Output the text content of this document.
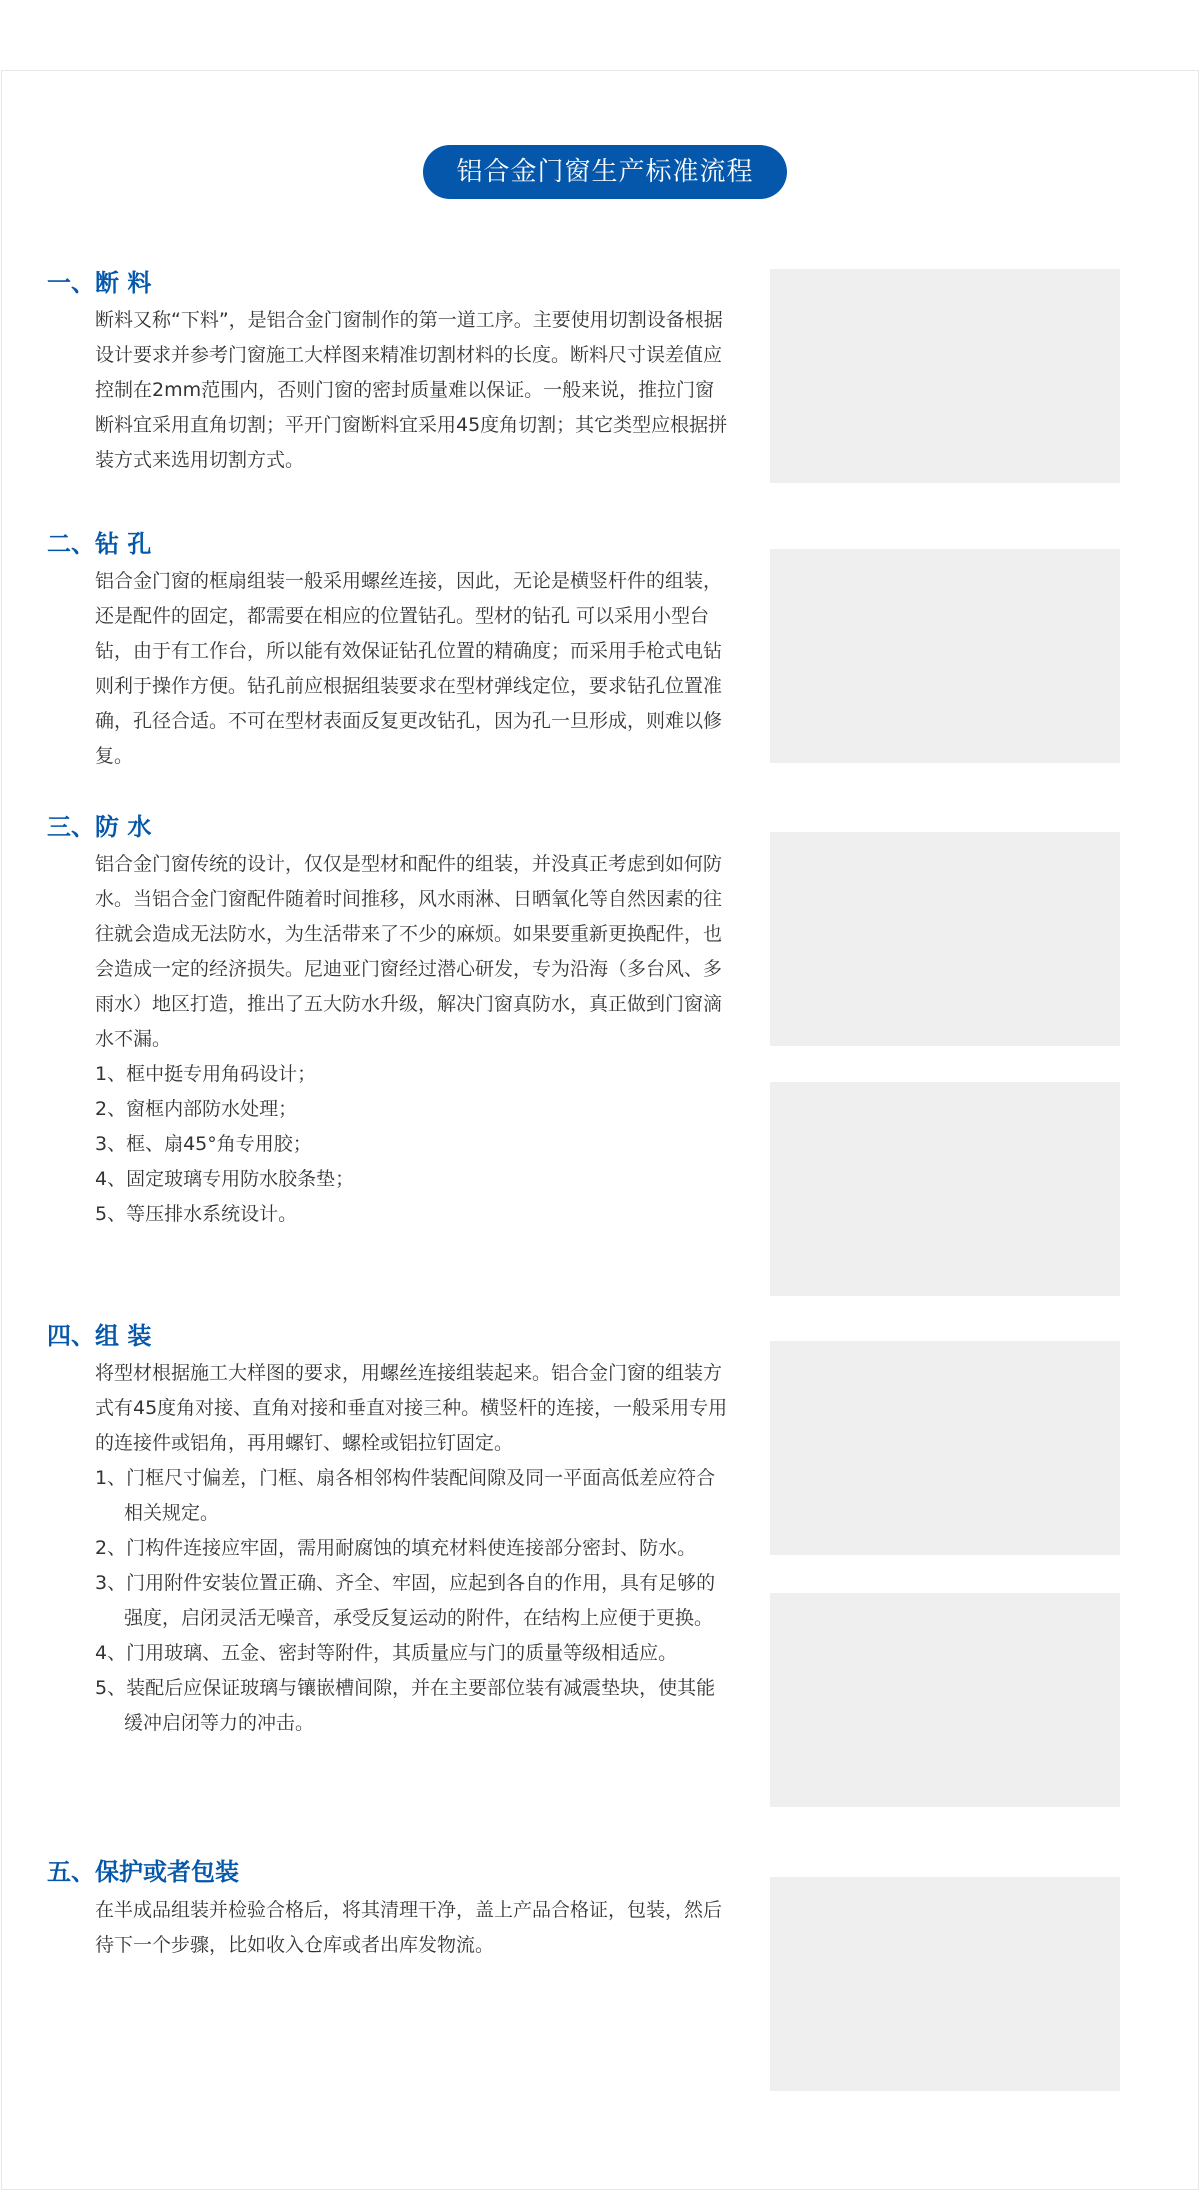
铝合金门窗生产标准流程
一、断 料

断料又称“下料”，是铝合金门窗制作的第一道工序。主要使用切割设备根据设计要求并参考门窗施工大样图来精准切割材料的长度。断料尺寸误差值应控制在2mm范围内，否则门窗的密封质量难以保证。一般来说，推拉门窗断料宜采用直角切割；平开门窗断料宜采用45度角切割；其它类型应根据拼装方式来选用切割方式。

二、钻 孔

铝合金门窗的框扇组装一般采用螺丝连接，因此，无论是横竖杆件的组装，还是配件的固定，都需要在相应的位置钻孔。型材的钻孔 可以采用小型台钻，由于有工作台，所以能有效保证钻孔位置的精确度；而采用手枪式电钻则利于操作方便。钻孔前应根据组装要求在型材弹线定位，要求钻孔位置准确，孔径合适。不可在型材表面反复更改钻孔，因为孔一旦形成，则难以修复。

三、防 水

铝合金门窗传统的设计，仅仅是型材和配件的组装，并没真正考虑到如何防水。当铝合金门窗配件随着时间推移，风水雨淋、日晒氧化等自然因素的往往就会造成无法防水，为生活带来了不少的麻烦。如果要重新更换配件，也会造成一定的经济损失。尼迪亚门窗经过潜心研发，专为沿海（多台风、多雨水）地区打造，推出了五大防水升级，解决门窗真防水，真正做到门窗滴水不漏。

1、框中挺专用角码设计；
2、窗框内部防水处理；
3、框、扇45°角专用胶；
4、固定玻璃专用防水胶条垫；
5、等压排水系统设计。
四、组 装

将型材根据施工大样图的要求，用螺丝连接组装起来。铝合金门窗的组装方式有45度角对接、直角对接和垂直对接三种。横竖杆的连接，一般采用专用的连接件或铝角，再用螺钉、螺栓或铝拉钉固定。

1、门框尺寸偏差，门框、扇各相邻构件装配间隙及同一平面高低差应符合相关规定。
2、门构件连接应牢固，需用耐腐蚀的填充材料使连接部分密封、防水。
3、门用附件安装位置正确、齐全、牢固，应起到各自的作用，具有足够的强度，启闭灵活无噪音，承受反复运动的附件，在结构上应便于更换。
4、门用玻璃、五金、密封等附件，其质量应与门的质量等级相适应。
5、装配后应保证玻璃与镶嵌槽间隙，并在主要部位装有减震垫块，使其能缓冲启闭等力的冲击。
五、保护或者包装

在半成品组装并检验合格后，将其清理干净，盖上产品合格证，包装，然后待下一个步骤，比如收入仓库或者出库发物流。
